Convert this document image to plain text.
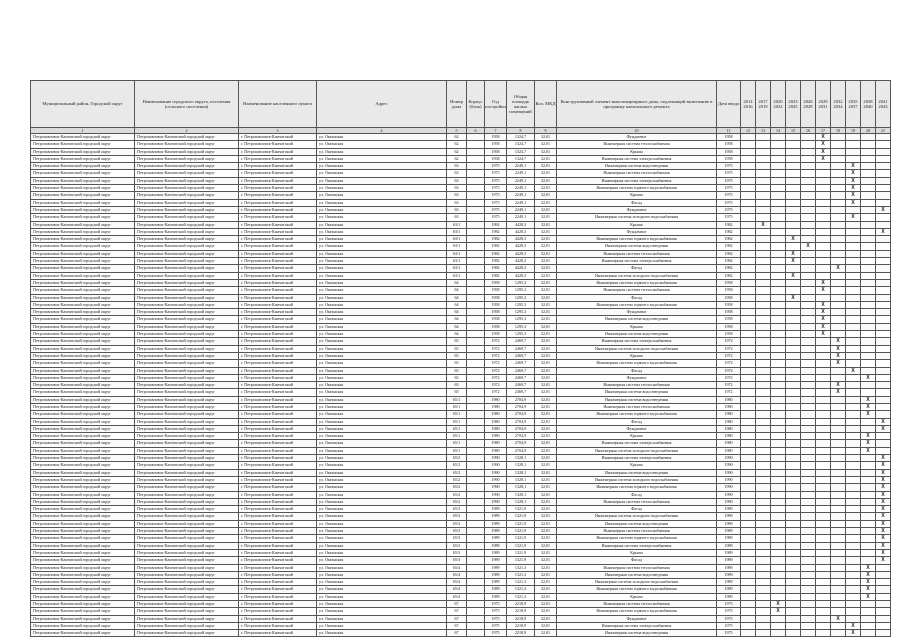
Муниципальный район, Городской округ	Наименование городского округа, поселения (сельского поселения)	Наименование населенного пункта	Адрес	Номер дома	Корпус (блок)	Год постройки	Общая площадь жилых помещений	Кол. МКД	Конструктивный элемент многоквартирного дома, подлежащий включению в программу капитального ремонта	Дата ввода	2014 2016	2017 2019	2020 2022	2023 2025	2026 2028	2029 2031	2032 2034	2035 2037	2038 2040	2041 2043
1	2	3	4	5	6	7	8	9	10	11	12	13	14	15	16	17	18	19	20	21
Петропавловск-Камчатский городской округ	Петропавловск-Камчатский городской округ	г. Петропавловск-Камчатский	ул. Океанская	62		1958	1324,7	32,01	Фундамент	1958						X				
Петропавловск-Камчатский городской округ	Петропавловск-Камчатский городской округ	г. Петропавловск-Камчатский	ул. Океанская	62		1958	1324,7	32,01	Инженерная система теплоснабжения	1958						X				
Петропавловск-Камчатский городской округ	Петропавловск-Камчатский городской округ	г. Петропавловск-Камчатский	ул. Океанская	62		1958	1324,7	32,01	Крыша	1958						X				
Петропавловск-Камчатский городской округ	Петропавловск-Камчатский городской округ	г. Петропавловск-Камчатский	ул. Океанская	62		1958	1324,7	32,01	Инженерная система электроснабжения	1958						X				
Петропавловск-Камчатский городской округ	Петропавловск-Камчатский городской округ	г. Петропавловск-Камчатский	ул. Океанская	63		1975	2249,1	32,01	Инженерная система водоотведения	1975								X		
Петропавловск-Камчатский городской округ	Петропавловск-Камчатский городской округ	г. Петропавловск-Камчатский	ул. Океанская	63		1975	2249,1	32,01	Инженерная система теплоснабжения	1975								X		
Петропавловск-Камчатский городской округ	Петропавловск-Камчатский городской округ	г. Петропавловск-Камчатский	ул. Океанская	63		1975	2249,1	32,01	Инженерная система электроснабжения	1975								X		
Петропавловск-Камчатский городской округ	Петропавловск-Камчатский городской округ	г. Петропавловск-Камчатский	ул. Океанская	63		1975	2249,1	32,01	Инженерная система горячего водоснабжения	1975								X		
Петропавловск-Камчатский городской округ	Петропавловск-Камчатский городской округ	г. Петропавловск-Камчатский	ул. Океанская	63		1975	2249,1	32,01	Крыша	1975								X		
Петропавловск-Камчатский городской округ	Петропавловск-Камчатский городской округ	г. Петропавловск-Камчатский	ул. Океанская	63		1975	2249,1	32,01	Фасад	1975								X		
Петропавловск-Камчатский городской округ	Петропавловск-Камчатский городской округ	г. Петропавловск-Камчатский	ул. Океанская	63		1975	2249,1	32,01	Фундамент	1975										X
Петропавловск-Камчатский городской округ	Петропавловск-Камчатский городской округ	г. Петропавловск-Камчатский	ул. Океанская	63		1975	2249,1	32,01	Инженерная система холодного водоснабжения	1975								X		
Петропавловск-Камчатский городской округ	Петропавловск-Камчатский городской округ	г. Петропавловск-Камчатский	ул. Океанская	63/1		1982	4428,3	32,01	Крыша	1982		X								
Петропавловск-Камчатский городской округ	Петропавловск-Камчатский городской округ	г. Петропавловск-Камчатский	ул. Океанская	63/1		1982	4428,3	32,01	Фундамент	1982										X
Петропавловск-Камчатский городской округ	Петропавловск-Камчатский городской округ	г. Петропавловск-Камчатский	ул. Океанская	63/1		1982	4428,3	32,01	Инженерная система горячего водоснабжения	1982				X						
Петропавловск-Камчатский городской округ	Петропавловск-Камчатский городской округ	г. Петропавловск-Камчатский	ул. Океанская	63/1		1982	4428,3	32,01	Инженерная система водоотведения	1982					X					
Петропавловск-Камчатский городской округ	Петропавловск-Камчатский городской округ	г. Петропавловск-Камчатский	ул. Океанская	63/1		1982	4428,3	32,01	Инженерная система теплоснабжения	1982				X						
Петропавловск-Камчатский городской округ	Петропавловск-Камчатский городской округ	г. Петропавловск-Камчатский	ул. Океанская	63/1		1982	4428,3	32,01	Инженерная система электроснабжения	1982				X						
Петропавловск-Камчатский городской округ	Петропавловск-Камчатский городской округ	г. Петропавловск-Камчатский	ул. Океанская	63/1		1982	4428,3	32,01	Фасад	1982							X			
Петропавловск-Камчатский городской округ	Петропавловск-Камчатский городской округ	г. Петропавловск-Камчатский	ул. Океанская	63/1		1982	4428,3	32,01	Инженерная система холодного водоснабжения	1982				X						
Петропавловск-Камчатский городской округ	Петропавловск-Камчатский городской округ	г. Петропавловск-Камчатский	ул. Океанская	64		1958	1295,3	32,01	Инженерная система горячего водоснабжения	1958						X				
Петропавловск-Камчатский городской округ	Петропавловск-Камчатский городской округ	г. Петропавловск-Камчатский	ул. Океанская	64		1958	1295,3	32,01	Инженерная система теплоснабжения	1958						X				
Петропавловск-Камчатский городской округ	Петропавловск-Камчатский городской округ	г. Петропавловск-Камчатский	ул. Океанская	64		1958	1295,3	32,01	Фасад	1958				X						
Петропавловск-Камчатский городской округ	Петропавловск-Камчатский городской округ	г. Петропавловск-Камчатский	ул. Океанская	64		1958	1295,3	32,01	Инженерная система горячего водоснабжения	1958						X				
Петропавловск-Камчатский городской округ	Петропавловск-Камчатский городской округ	г. Петропавловск-Камчатский	ул. Океанская	64		1958	1295,3	32,01	Фундамент	1958						X				
Петропавловск-Камчатский городской округ	Петропавловск-Камчатский городской округ	г. Петропавловск-Камчатский	ул. Океанская	64		1958	1295,3	32,01	Инженерная система водоотведения	1958						X				
Петропавловск-Камчатский городской округ	Петропавловск-Камчатский городской округ	г. Петропавловск-Камчатский	ул. Океанская	64		1958	1295,3	32,01	Крыша	1958						X				
Петропавловск-Камчатский городской округ	Петропавловск-Камчатский городской округ	г. Петропавловск-Камчатский	ул. Океанская	64		1958	1295,3	32,01	Инженерная система водоотведения	1958						X				
Петропавловск-Камчатский городской округ	Петропавловск-Камчатский городской округ	г. Петропавловск-Камчатский	ул. Океанская	65		1972	2469,7	32,01	Инженерная система электроснабжения	1972							X			
Петропавловск-Камчатский городской округ	Петропавловск-Камчатский городской округ	г. Петропавловск-Камчатский	ул. Океанская	65		1972	2469,7	32,01	Инженерная система холодного водоснабжения	1972							X			
Петропавловск-Камчатский городской округ	Петропавловск-Камчатский городской округ	г. Петропавловск-Камчатский	ул. Океанская	65		1972	2469,7	32,01	Крыша	1972							X			
Петропавловск-Камчатский городской округ	Петропавловск-Камчатский городской округ	г. Петропавловск-Камчатский	ул. Океанская	65		1972	2469,7	32,01	Инженерная система горячего водоснабжения	1972							X			
Петропавловск-Камчатский городской округ	Петропавловск-Камчатский городской округ	г. Петропавловск-Камчатский	ул. Океанская	65		1972	2469,7	32,01	Фасад	1972								X		
Петропавловск-Камчатский городской округ	Петропавловск-Камчатский городской округ	г. Петропавловск-Камчатский	ул. Океанская	65		1972	2469,7	32,01	Фундамент	1972									X	
Петропавловск-Камчатский городской округ	Петропавловск-Камчатский городской округ	г. Петропавловск-Камчатский	ул. Океанская	65		1972	2469,7	32,01	Инженерная система теплоснабжения	1972							X			
Петропавловск-Камчатский городской округ	Петропавловск-Камчатский городской округ	г. Петропавловск-Камчатский	ул. Океанская	65		1972	2469,7	32,01	Инженерная система водоотведения	1972							X			
Петропавловск-Камчатский городской округ	Петропавловск-Камчатский городской округ	г. Петропавловск-Камчатский	ул. Океанская	65/1		1980	2704,9	32,01	Инженерная система водоотведения	1980									X	
Петропавловск-Камчатский городской округ	Петропавловск-Камчатский городской округ	г. Петропавловск-Камчатский	ул. Океанская	65/1		1980	2704,9	32,01	Инженерная система теплоснабжения	1980									X	
Петропавловск-Камчатский городской округ	Петропавловск-Камчатский городской округ	г. Петропавловск-Камчатский	ул. Океанская	65/1		1980	2704,9	32,01	Инженерная система горячего водоснабжения	1980									X	
Петропавловск-Камчатский городской округ	Петропавловск-Камчатский городской округ	г. Петропавловск-Камчатский	ул. Океанская	65/1		1980	2704,9	32,01	Фасад	1980										X
Петропавловск-Камчатский городской округ	Петропавловск-Камчатский городской округ	г. Петропавловск-Камчатский	ул. Океанская	65/1		1980	2704,9	32,01	Фундамент	1980										X
Петропавловск-Камчатский городской округ	Петропавловск-Камчатский городской округ	г. Петропавловск-Камчатский	ул. Океанская	65/1		1980	2704,9	32,01	Крыша	1980									X	
Петропавловск-Камчатский городской округ	Петропавловск-Камчатский городской округ	г. Петропавловск-Камчатский	ул. Океанская	65/1		1980	2704,9	32,01	Инженерная система электроснабжения	1980									X	
Петропавловск-Камчатский городской округ	Петропавловск-Камчатский городской округ	г. Петропавловск-Камчатский	ул. Океанская	65/1		1980	2704,9	32,01	Инженерная система холодного водоснабжения	1980									X	
Петропавловск-Камчатский городской округ	Петропавловск-Камчатский городской округ	г. Петропавловск-Камчатский	ул. Океанская	65/2		1990	1328,1	32,01	Инженерная система электроснабжения	1990										X
Петропавловск-Камчатский городской округ	Петропавловск-Камчатский городской округ	г. Петропавловск-Камчатский	ул. Океанская	65/2		1990	1328,1	32,01	Крыша	1990										X
Петропавловск-Камчатский городской округ	Петропавловск-Камчатский городской округ	г. Петропавловск-Камчатский	ул. Океанская	65/2		1990	1328,1	32,01	Инженерная система водоотведения	1990										X
Петропавловск-Камчатский городской округ	Петропавловск-Камчатский городской округ	г. Петропавловск-Камчатский	ул. Океанская	65/2		1990	1328,1	32,01	Инженерная система холодного водоснабжения	1990										X
Петропавловск-Камчатский городской округ	Петропавловск-Камчатский городской округ	г. Петропавловск-Камчатский	ул. Океанская	65/2		1990	1328,1	32,01	Инженерная система горячего водоснабжения	1990										X
Петропавловск-Камчатский городской округ	Петропавловск-Камчатский городской округ	г. Петропавловск-Камчатский	ул. Океанская	65/2		1990	1328,1	32,01	Фасад	1990										X
Петропавловск-Камчатский городской округ	Петропавловск-Камчатский городской округ	г. Петропавловск-Камчатский	ул. Океанская	65/2		1990	1328,1	32,01	Инженерная система теплоснабжения	1990										X
Петропавловск-Камчатский городской округ	Петропавловск-Камчатский городской округ	г. Петропавловск-Камчатский	ул. Океанская	65/3		1989	1321,9	32,01	Фасад	1989										X
Петропавловск-Камчатский городской округ	Петропавловск-Камчатский городской округ	г. Петропавловск-Камчатский	ул. Океанская	65/3		1989	1321,9	32,01	Инженерная система холодного водоснабжения	1989										X
Петропавловск-Камчатский городской округ	Петропавловск-Камчатский городской округ	г. Петропавловск-Камчатский	ул. Океанская	65/3		1989	1321,9	32,01	Инженерная система водоотведения	1989										X
Петропавловск-Камчатский городской округ	Петропавловск-Камчатский городской округ	г. Петропавловск-Камчатский	ул. Океанская	65/3		1989	1321,9	32,01	Инженерная система теплоснабжения	1989										X
Петропавловск-Камчатский городской округ	Петропавловск-Камчатский городской округ	г. Петропавловск-Камчатский	ул. Океанская	65/3		1989	1321,9	32,01	Инженерная система горячего водоснабжения	1989										X
Петропавловск-Камчатский городской округ	Петропавловск-Камчатский городской округ	г. Петропавловск-Камчатский	ул. Океанская	65/3		1989	1321,9	32,01	Инженерная система электроснабжения	1989										X
Петропавловск-Камчатский городской округ	Петропавловск-Камчатский городской округ	г. Петропавловск-Камчатский	ул. Океанская	65/3		1989	1321,9	32,01	Крыша	1989										X
Петропавловск-Камчатский городской округ	Петропавловск-Камчатский городской округ	г. Петропавловск-Камчатский	ул. Океанская	65/3		1989	1321,9	32,01	Фасад	1989										X
Петропавловск-Камчатский городской округ	Петропавловск-Камчатский городской округ	г. Петропавловск-Камчатский	ул. Океанская	65/4		1989	1321,3	32,01	Инженерная система теплоснабжения	1989									X	
Петропавловск-Камчатский городской округ	Петропавловск-Камчатский городской округ	г. Петропавловск-Камчатский	ул. Океанская	65/4		1989	1321,3	32,01	Инженерная система водоотведения	1989									X	
Петропавловск-Камчатский городской округ	Петропавловск-Камчатский городской округ	г. Петропавловск-Камчатский	ул. Океанская	65/4		1989	1321,3	32,01	Инженерная система холодного водоснабжения	1989									X	
Петропавловск-Камчатский городской округ	Петропавловск-Камчатский городской округ	г. Петропавловск-Камчатский	ул. Океанская	65/4		1989	1321,3	32,01	Инженерная система горячего водоснабжения	1989									X	
Петропавловск-Камчатский городской округ	Петропавловск-Камчатский городской округ	г. Петропавловск-Камчатский	ул. Океанская	65/4		1989	1321,3	32,01	Крыша	1989									X	
Петропавловск-Камчатский городской округ	Петропавловск-Камчатский городской округ	г. Петропавловск-Камчатский	ул. Океанская	67		1975	2218,9	32,01	Инженерная система теплоснабжения	1975			X							
Петропавловск-Камчатский городской округ	Петропавловск-Камчатский городской округ	г. Петропавловск-Камчатский	ул. Океанская	67		1975	2218,9	32,01	Инженерная система горячего водоснабжения	1975			X							
Петропавловск-Камчатский городской округ	Петропавловск-Камчатский городской округ	г. Петропавловск-Камчатский	ул. Океанская	67		1975	2218,9	32,01	Фундамент	1975							X			
Петропавловск-Камчатский городской округ	Петропавловск-Камчатский городской округ	г. Петропавловск-Камчатский	ул. Океанская	67		1975	2218,9	32,01	Инженерная система электроснабжения	1975								X		
Петропавловск-Камчатский городской округ	Петропавловск-Камчатский городской округ	г. Петропавловск-Камчатский	ул. Океанская	67		1975	2218,9	32,01	Инженерная система водоотведения	1975								X		
